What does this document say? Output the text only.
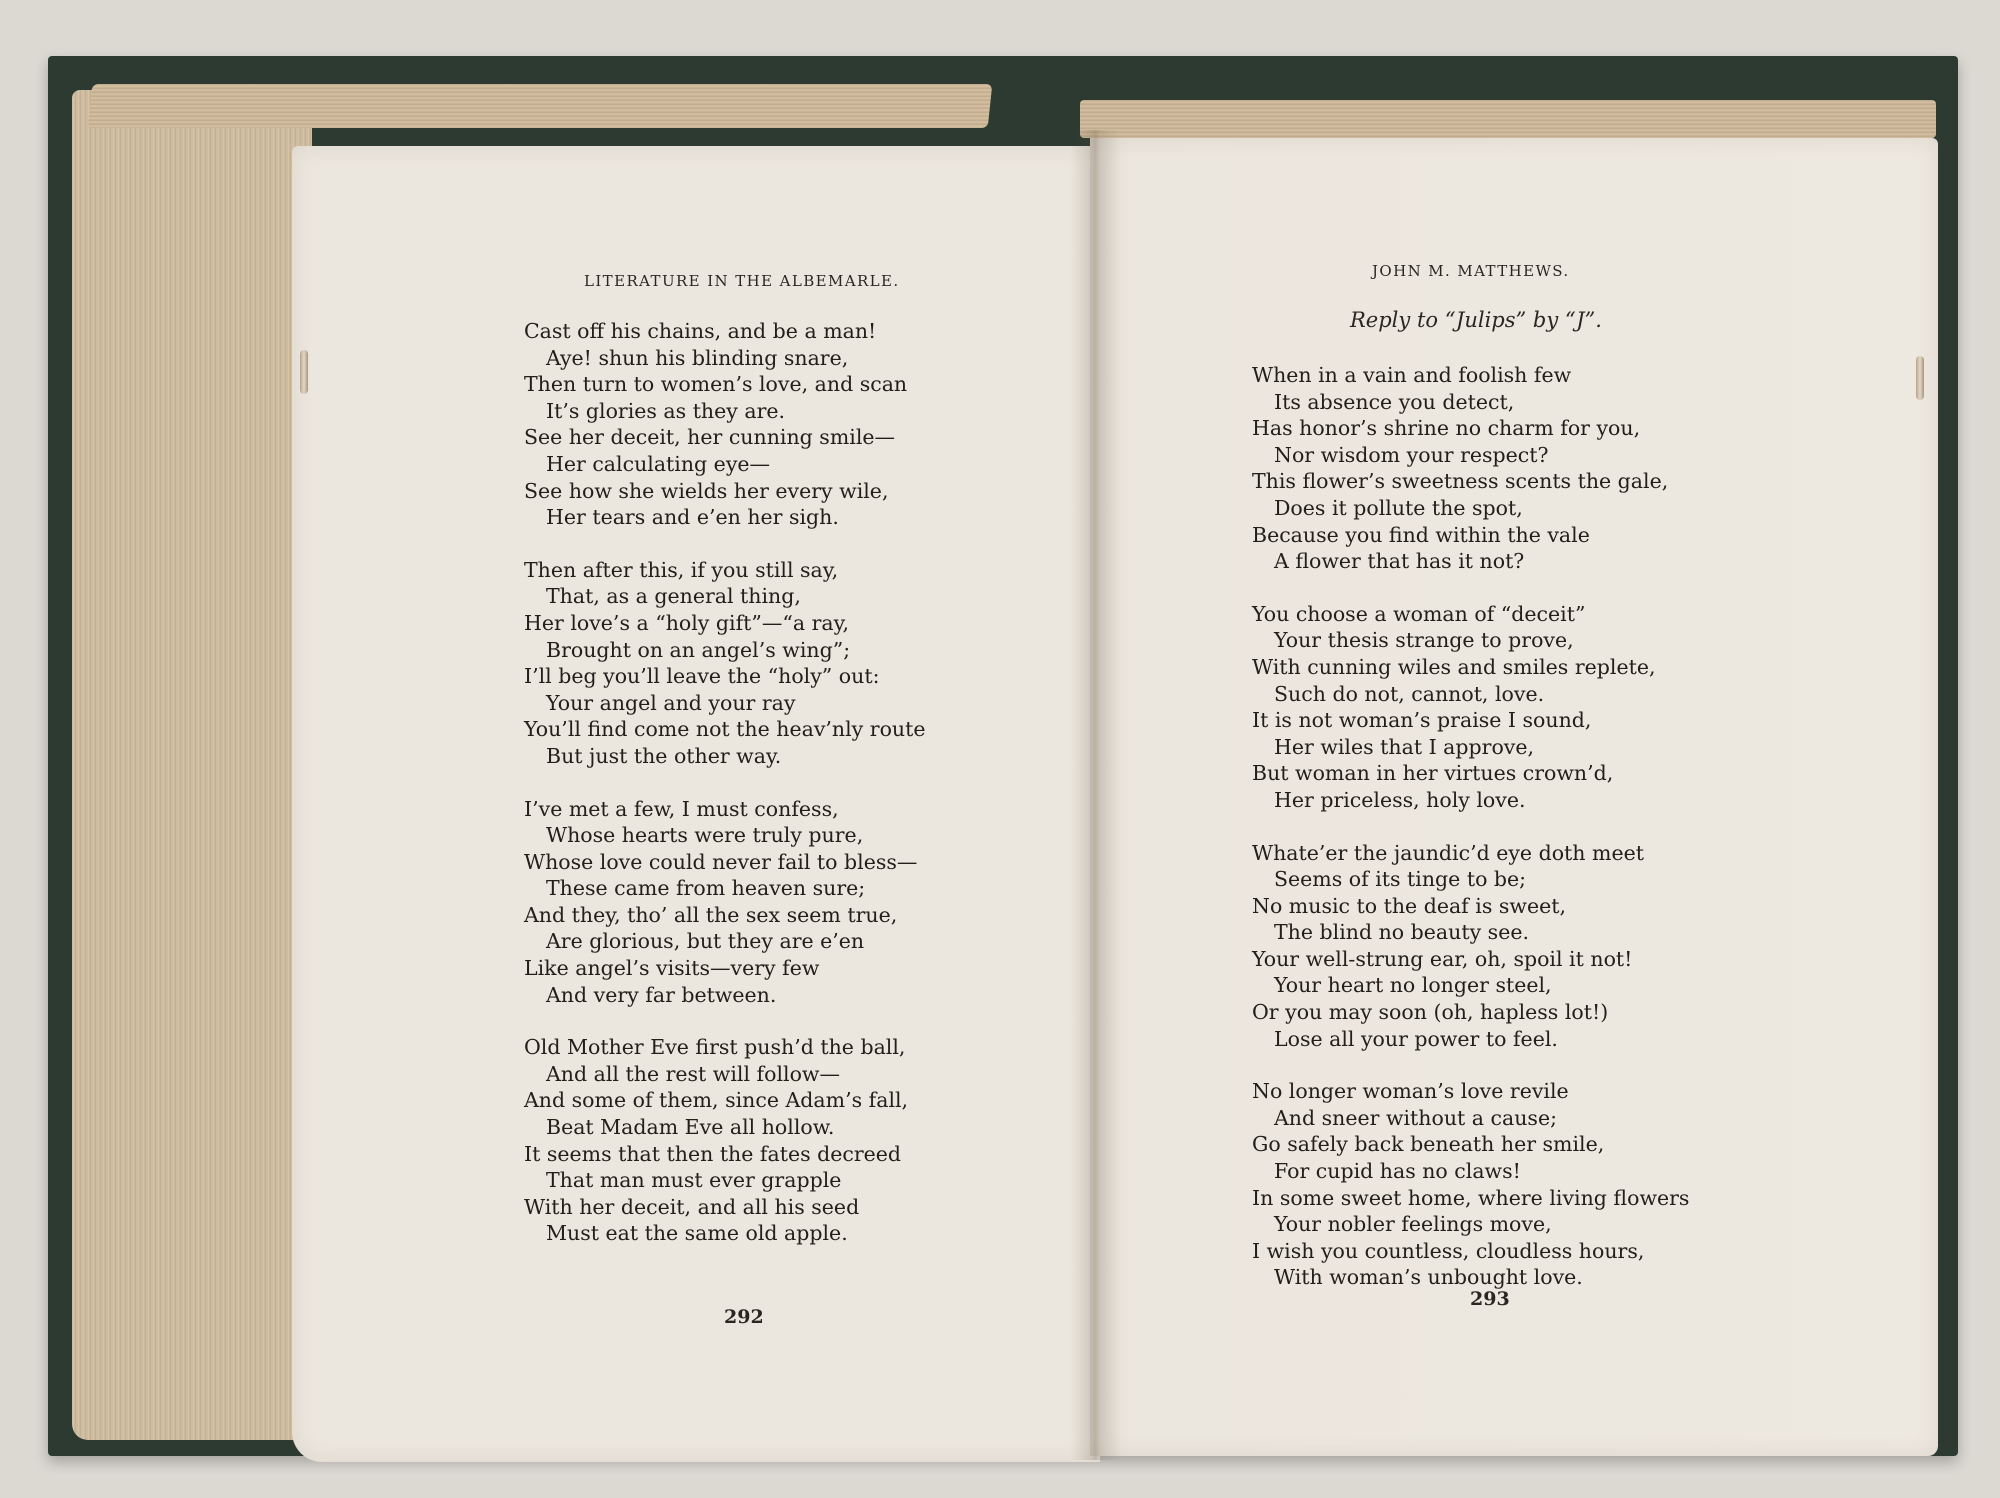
LITERATURE IN THE ALBEMARLE.
Cast off his chains, and be a man!
Aye! shun his blinding snare,
Then turn to women’s love, and scan
It’s glories as they are.
See her deceit, her cunning smile—
Her calculating eye—
See how she wields her every wile,
Her tears and e’en her sigh.
Then after this, if you still say,
That, as a general thing,
Her love’s a “holy gift”—“a ray,
Brought on an angel’s wing”;
I’ll beg you’ll leave the “holy” out:
Your angel and your ray
You’ll find come not the heav’nly route
But just the other way.
I’ve met a few, I must confess,
Whose hearts were truly pure,
Whose love could never fail to bless—
These came from heaven sure;
And they, tho’ all the sex seem true,
Are glorious, but they are e’en
Like angel’s visits—very few
And very far between.
Old Mother Eve first push’d the ball,
And all the rest will follow—
And some of them, since Adam’s fall,
Beat Madam Eve all hollow.
It seems that then the fates decreed
That man must ever grapple
With her deceit, and all his seed
Must eat the same old apple.
292
JOHN M. MATTHEWS.
Reply to “Julips” by “J”.
When in a vain and foolish few
Its absence you detect,
Has honor’s shrine no charm for you,
Nor wisdom your respect?
This flower’s sweetness scents the gale,
Does it pollute the spot,
Because you find within the vale
A flower that has it not?
You choose a woman of “deceit”
Your thesis strange to prove,
With cunning wiles and smiles replete,
Such do not, cannot, love.
It is not woman’s praise I sound,
Her wiles that I approve,
But woman in her virtues crown’d,
Her priceless, holy love.
Whate’er the jaundic’d eye doth meet
Seems of its tinge to be;
No music to the deaf is sweet,
The blind no beauty see.
Your well-strung ear, oh, spoil it not!
Your heart no longer steel,
Or you may soon (oh, hapless lot!)
Lose all your power to feel.
No longer woman’s love revile
And sneer without a cause;
Go safely back beneath her smile,
For cupid has no claws!
In some sweet home, where living flowers
Your nobler feelings move,
I wish you countless, cloudless hours,
With woman’s unbought love.
293
